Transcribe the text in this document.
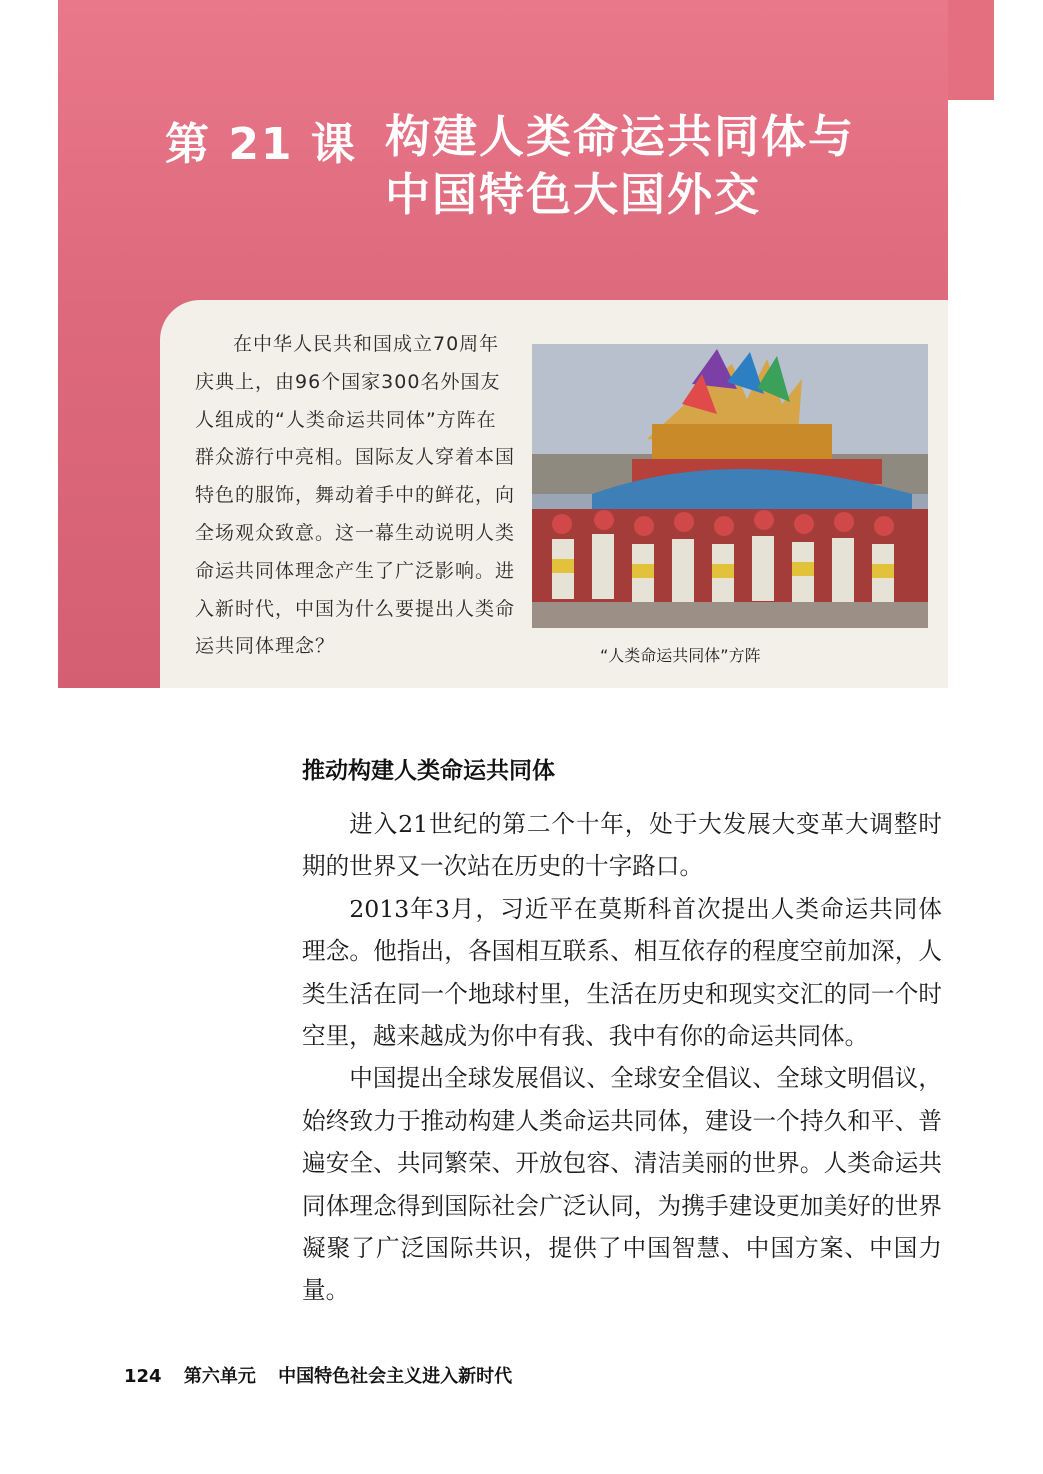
第 21 课 构建人类命运共同体与
中国特色大国外交
在中华人民共和国成立70周年庆典上，由96个国家300名外国友人组成的“人类命运共同体”方阵在群众游行中亮相。国际友人穿着本国特色的服饰，舞动着手中的鲜花，向全场观众致意。这一幕生动说明人类命运共同体理念产生了广泛影响。进入新时代，中国为什么要提出人类命运共同体理念？	“人类命运共同体”方阵
推动构建人类命运共同体

进入21世纪的第二个十年，处于大发展大变革大调整时期的世界又一次站在历史的十字路口。

2013年3月，习近平在莫斯科首次提出人类命运共同体理念。他指出，各国相互联系、相互依存的程度空前加深，人类生活在同一个地球村里，生活在历史和现实交汇的同一个时空里，越来越成为你中有我、我中有你的命运共同体。

中国提出全球发展倡议、全球安全倡议、全球文明倡议，始终致力于推动构建人类命运共同体，建设一个持久和平、普遍安全、共同繁荣、开放包容、清洁美丽的世界。人类命运共同体理念得到国际社会广泛认同，为携手建设更加美好的世界凝聚了广泛国际共识，提供了中国智慧、中国方案、中国力量。

124 第六单元 中国特色社会主义进入新时代
